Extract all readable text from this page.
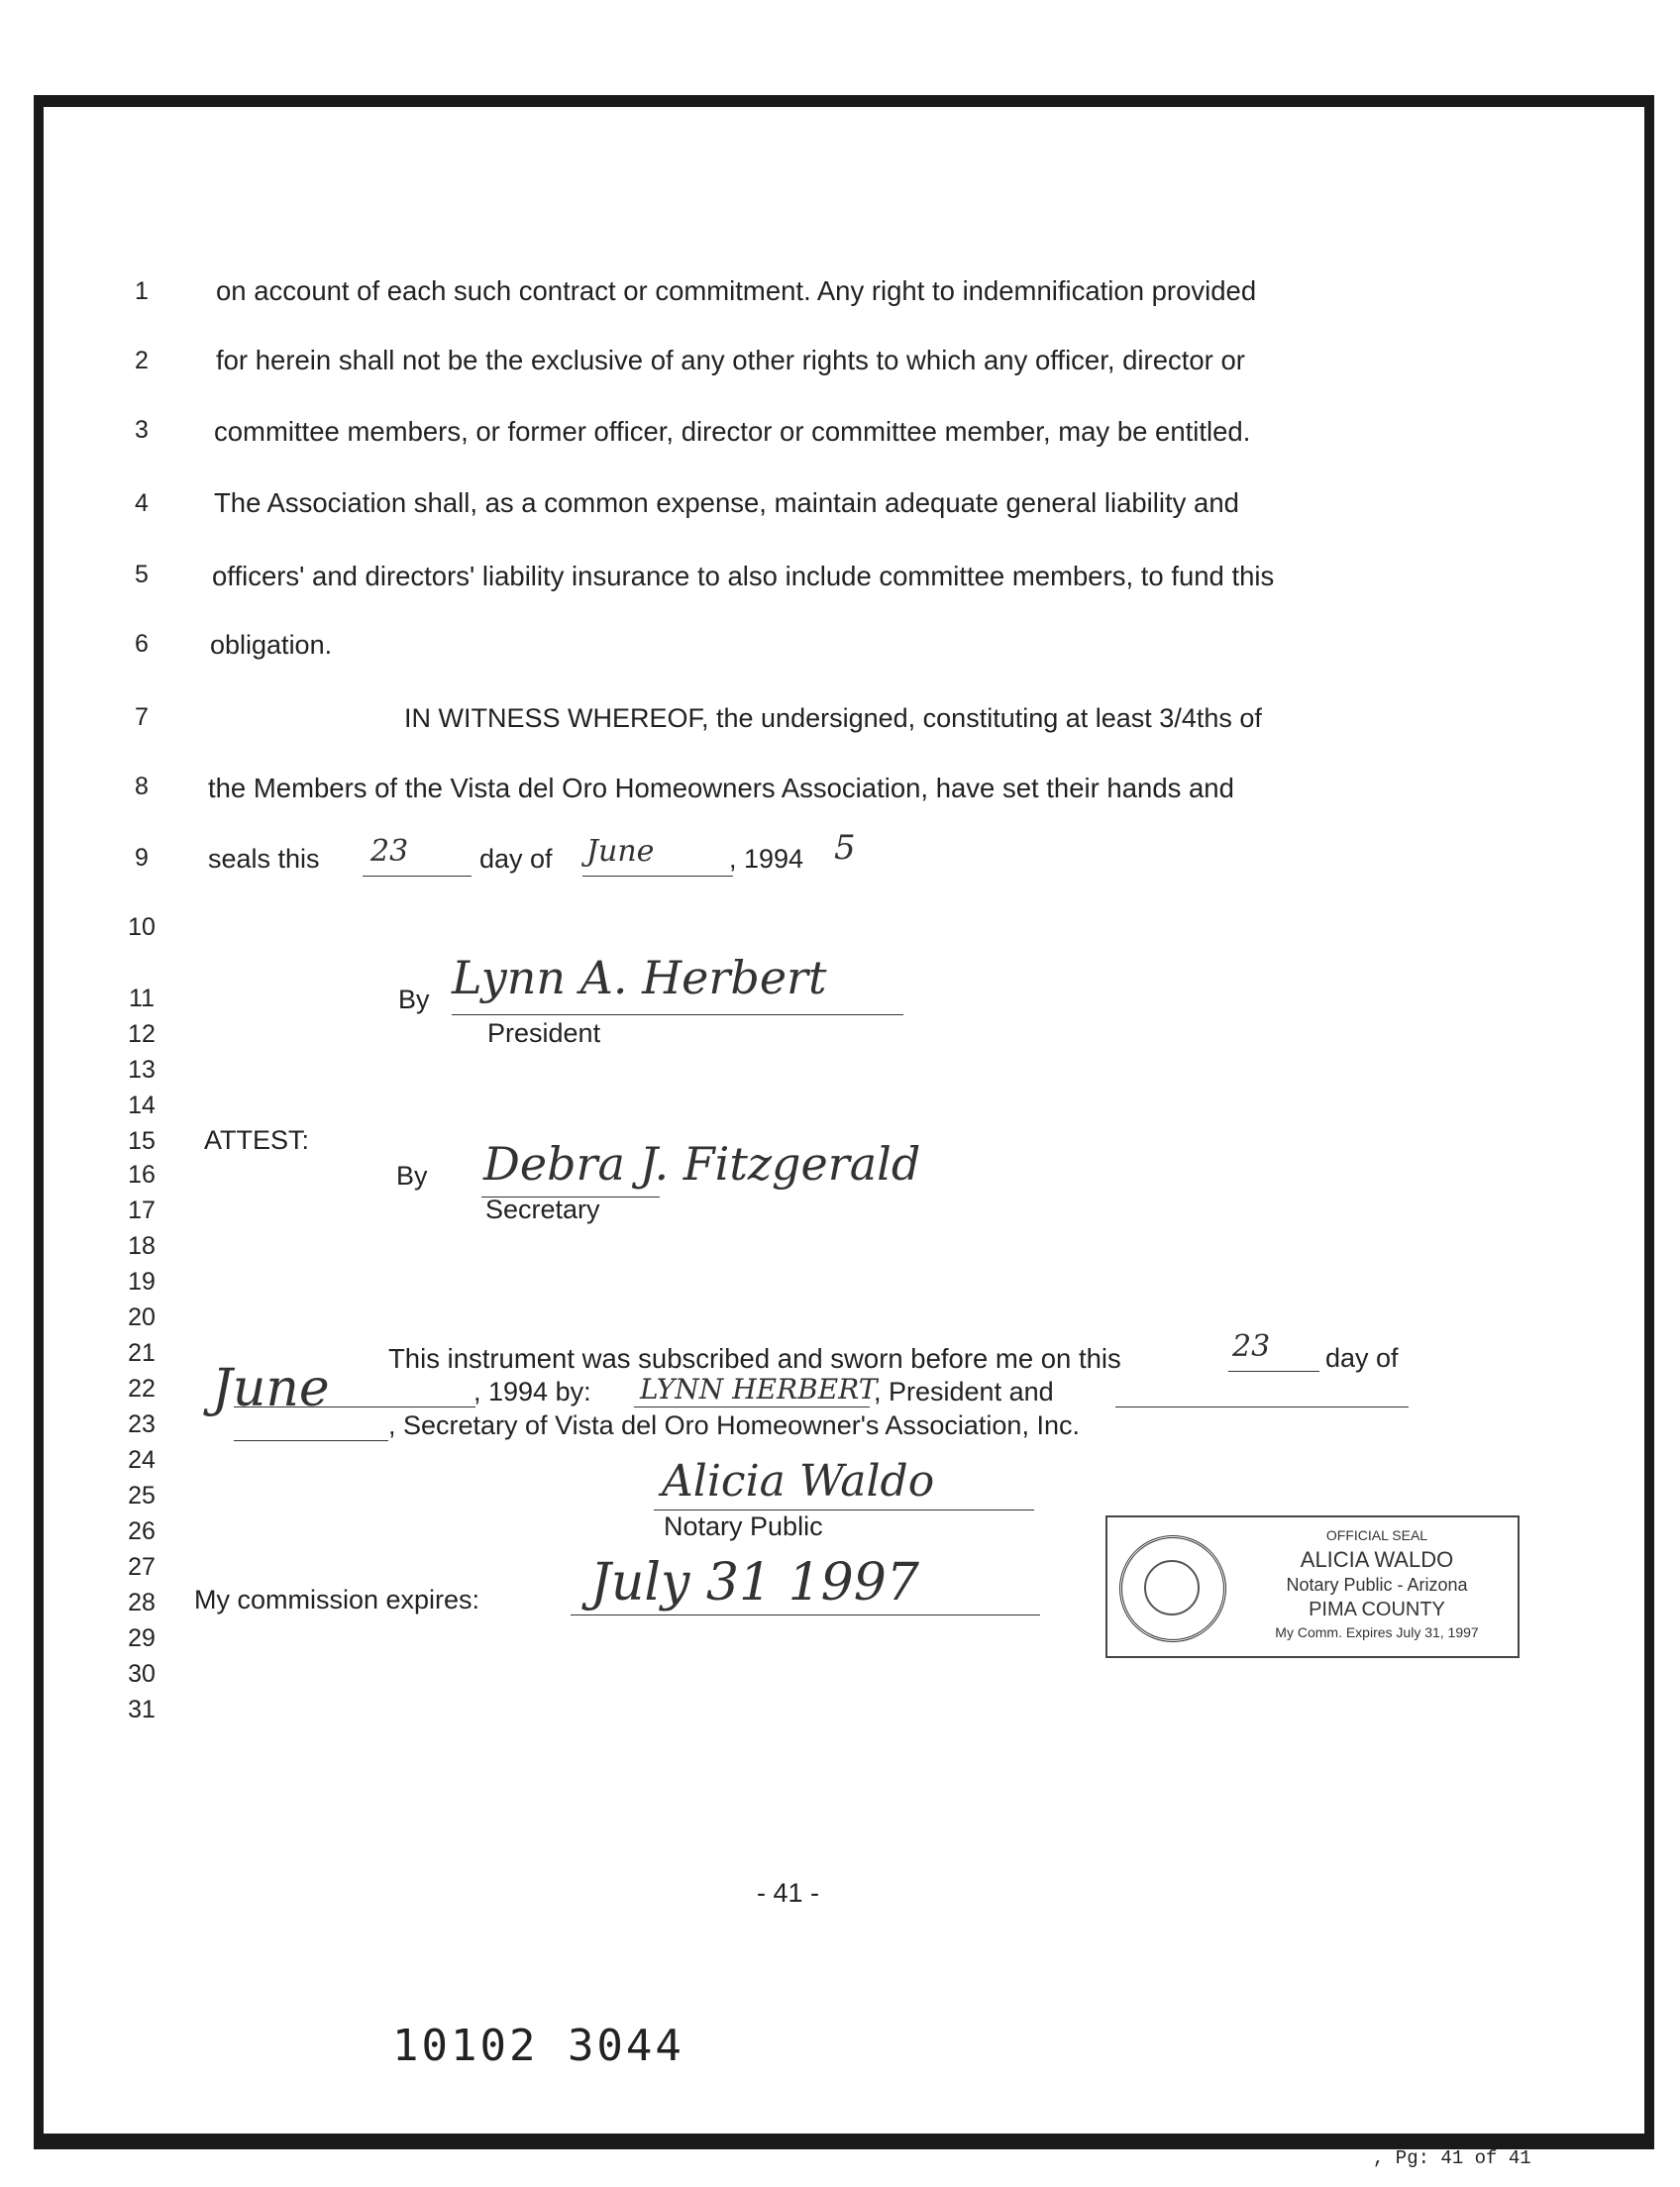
1
2
3
4
5
6
7
8
9
10
11
12
13
14
15
16
17
18
19
20
21
22
23
24
25
26
27
28
29
30
31
on account of each such contract or commitment. Any right to indemnification provided
for herein shall not be the exclusive of any other rights to which any officer, director or
committee members, or former officer, director or committee member, may be entitled.
The Association shall, as a common expense, maintain adequate general liability and
officers' and directors' liability insurance to also include committee members, to fund this
obligation.
IN WITNESS WHEREOF, the undersigned, constituting at least 3/4ths of
the Members of the Vista del Oro Homeowners Association, have set their hands and
seals this 23	day of June	, 1994 5
By Lynn A. Herbert
President
ATTEST:
By Debra J. Fitzgerald
Secretary
This instrument was subscribed and sworn before me on this	23 day of
June	, 1994 by: LYNN HERBERT
, President and
, Secretary of Vista del Oro Homeowner's Association, Inc.
Alicia Waldo
Notary Public
My commission expires: July 31 1997
OFFICIAL SEAL
ALICIA WALDO
Notary Public - Arizona
PIMA COUNTY
My Comm. Expires July 31, 1997
- 41 -
10102 3044
, Pg: 41 of 41
